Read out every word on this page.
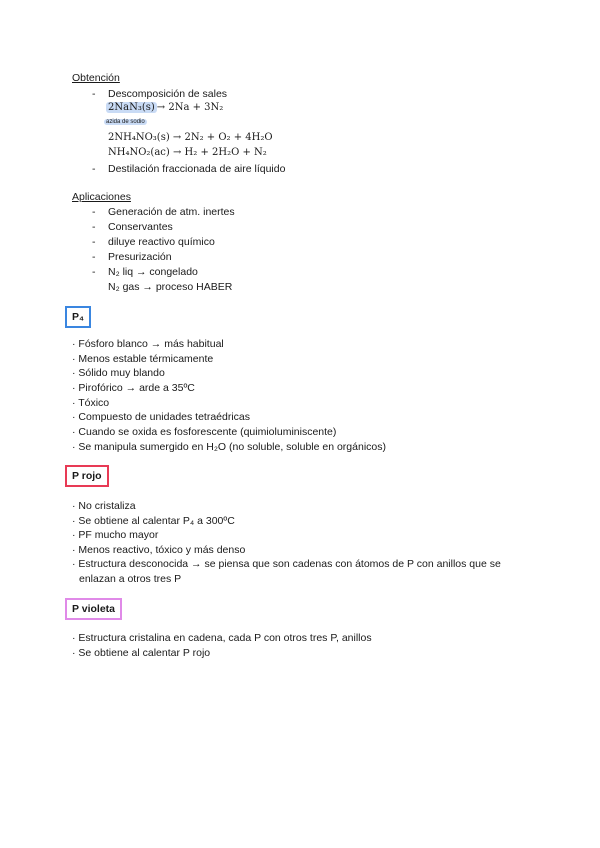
Obtención
- Descomposición de sales
2NaN₃(s) → 2Na + 3N₂
azida de sodio
2NH₄NO₃(s) → 2N₂ + O₂ + 4H₂O
NH₄NO₂(ac) → H₂ + 2H₂O + N₂
- Destilación fraccionada de aire líquido
Aplicaciones
- Generación de atm. inertes
- Conservantes
- diluye reactivo químico
- Presurización
- N₂ liq → congelado
N₂ gas → proceso HABER
P₄
· Fósforo blanco → más habitual
· Menos estable térmicamente
· Sólido muy blando
· Pirofórico → arde a 35ºC
· Tóxico
· Compuesto de unidades tetraédricas
· Cuando se oxida es fosforescente (quimioluminiscente)
· Se manipula sumergido en H₂O (no soluble, soluble en orgánicos)
P rojo
· No cristaliza
· Se obtiene al calentar P₄ a 300ºC
· PF mucho mayor
· Menos reactivo, tóxico y más denso
· Estructura desconocida → se piensa que son cadenas con átomos de P con anillos que se
enlazan a otros tres P
P violeta
· Estructura cristalina en cadena, cada P con otros tres P, anillos
· Se obtiene al calentar P rojo
